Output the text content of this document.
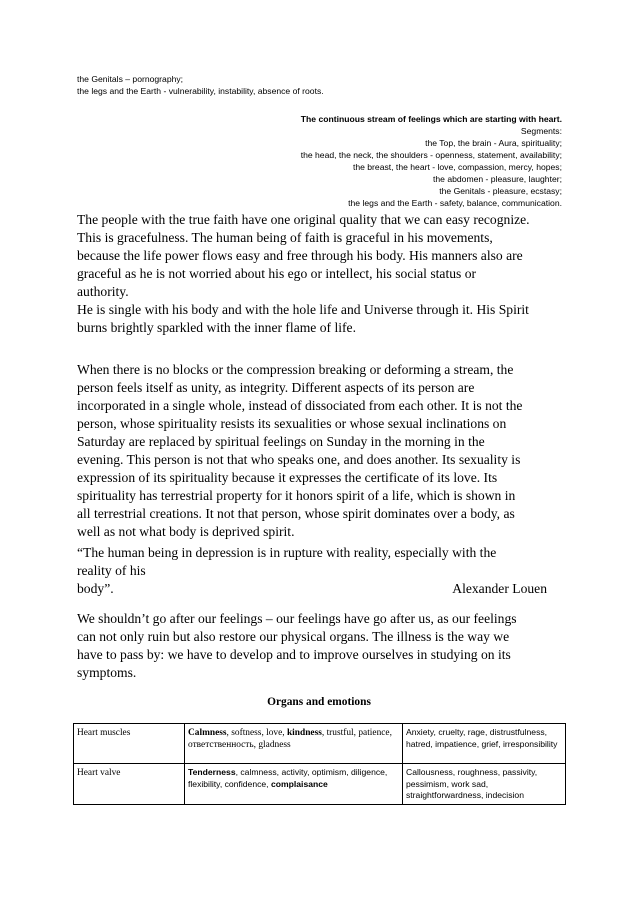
the Genitals – pornography;
the legs and the Earth - vulnerability, instability, absence of roots.
The continuous stream of feelings which are starting with heart.
Segments:
the Top, the brain - Aura, spirituality;
the head, the neck, the shoulders - openness, statement, availability;
the breast, the heart - love, compassion, mercy, hopes;
the abdomen - pleasure, laughter;
the Genitals - pleasure, ecstasy;
the legs and the Earth - safety, balance, communication.
The people with the true faith have one original quality that we can easy recognize.
This is gracefulness. The human being of faith is graceful in his movements,
because the life power flows easy and free through his body. His manners also are
graceful as he is not worried about his ego or intellect, his social status or
authority.
He is single with his body and with the hole life and Universe through it. His Spirit
burns brightly sparkled with the inner flame of life.
When there is no blocks or the compression breaking or deforming a stream, the
person feels itself as unity, as integrity. Different aspects of its person are
incorporated in a single whole, instead of dissociated from each other. It is not the
person, whose spirituality resists its sexualities or whose sexual inclinations on
Saturday are replaced by spiritual feelings on Sunday in the morning in the
evening. This person is not that who speaks one, and does another. Its sexuality is
expression of its spirituality because it expresses the certificate of its love. Its
spirituality has terrestrial property for it honors spirit of a life, which is shown in
all terrestrial creations. It not that person, whose spirit dominates over a body, as
well as not what body is deprived spirit.
“The human being in depression is in rupture with reality, especially with the
reality of his
body”.	Alexander Louen
We shouldn’t go after our feelings – our feelings have go after us, as our feelings
can not only ruin but also restore our physical organs. The illness is the way we
have to pass by: we have to develop and to improve ourselves in studying on its
symptoms.
Organs and emotions
Heart muscles	Calmness, softness, love, kindness, trustful, patience, ответственность, gladness	Anxiety, cruelty, rage, distrustfulness, hatred, impatience, grief, irresponsibility
Heart valve	Tenderness, calmness, activity, optimism, diligence, flexibility, confidence, complaisance	Callousness, roughness, passivity, pessimism, work sad, straightforwardness, indecision
